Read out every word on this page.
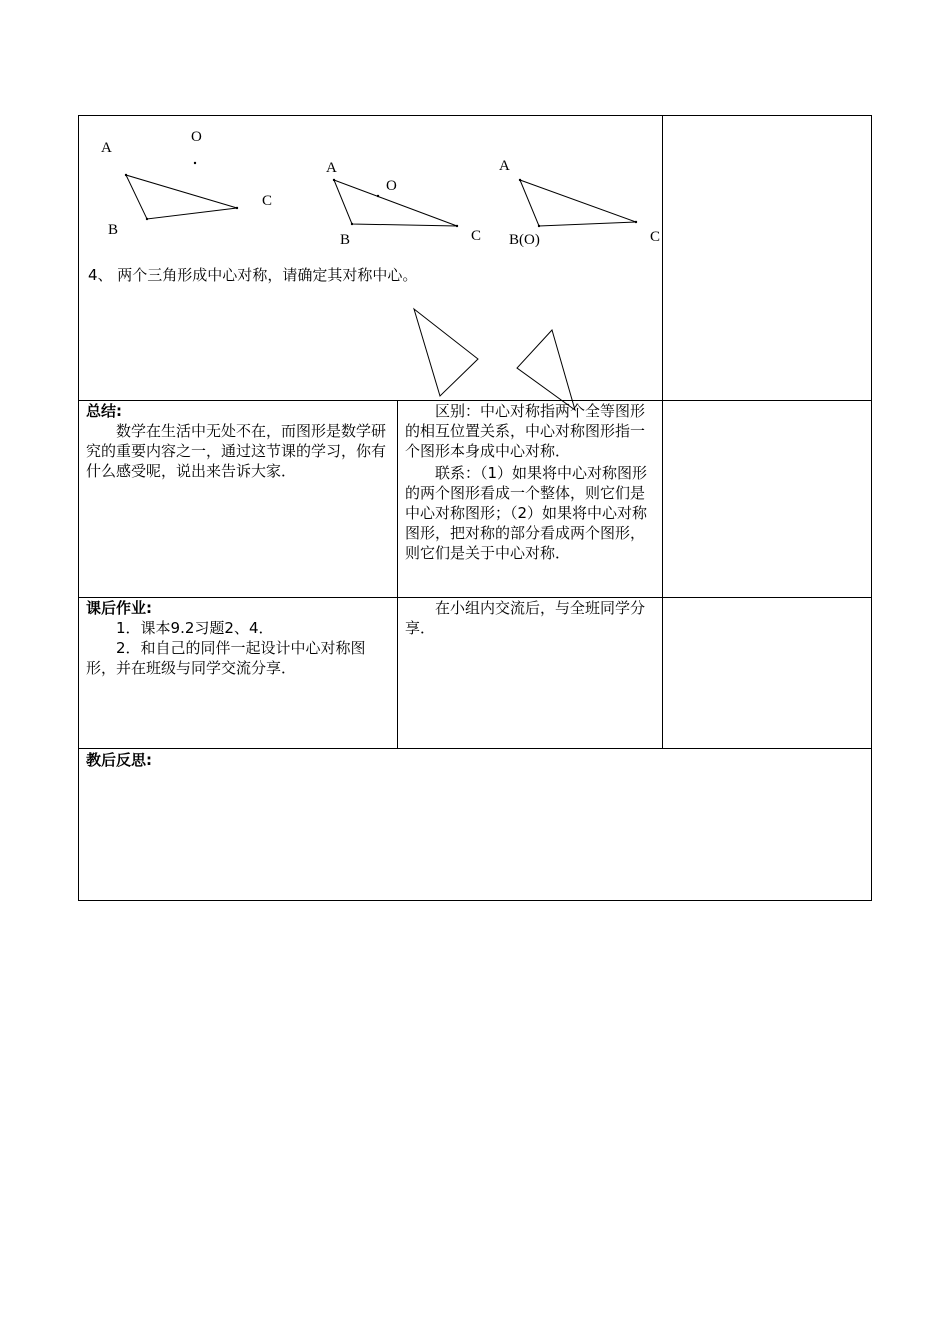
A
O
B
C
A
O
B	C
A
B(O)	C
4、 两个三角形成中心对称，请确定其对称中心。

总结:

数学在生活中无处不在，而图形是数学研究的重要内容之一，通过这节课的学习，你有什么感受呢，说出来告诉大家．

区别：中心对称指两个全等图形的相互位置关系，中心对称图形指一个图形本身成中心对称．

联系：（1）如果将中心对称图形的两个图形看成一个整体，则它们是中心对称图形；（2）如果将中心对称图形，把对称的部分看成两个图形，则它们是关于中心对称．

课后作业:

1．课本9.2习题2、4．

2．和自己的同伴一起设计中心对称图形，并在班级与同学交流分享．

在小组内交流后，与全班同学分享．

教后反思:
